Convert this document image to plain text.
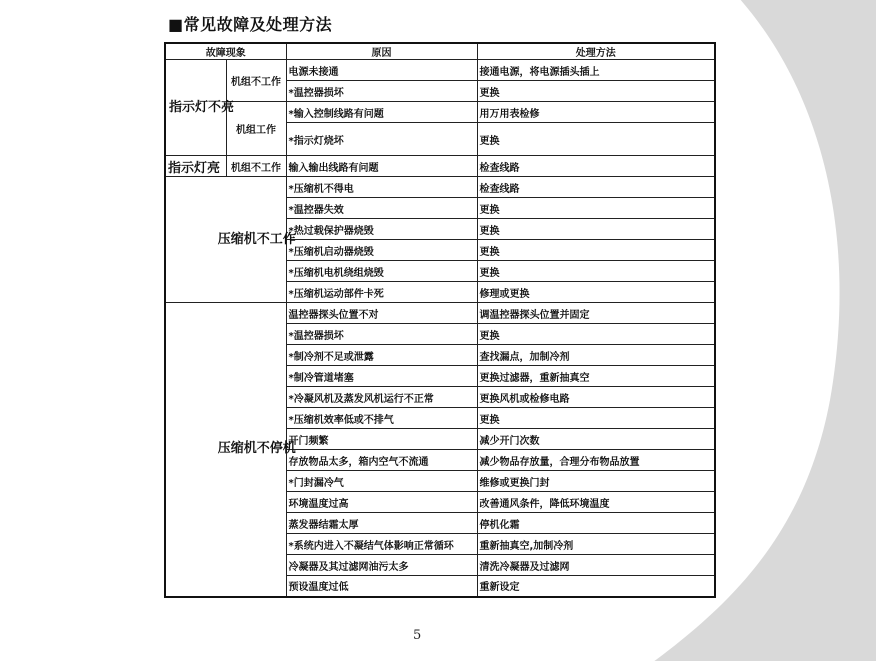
■常见故障及处理方法
故障现象		原因	处理方法

指示灯不亮	机组不工作	电源未接通	接通电源，将电源插头插上
		*温控器损坏	更换
	机组工作	*输入控制线路有问题	用万用表检修
		*指示灯烧坏	更换
指示灯亮	机组不工作	输入输出线路有问题	检查线路

压缩机不工作		*压缩机不得电	检查线路
		*温控器失效	更换
		*热过载保护器烧毁	更换
		*压缩机启动器烧毁	更换
		*压缩机电机绕组烧毁	更换
		*压缩机运动部件卡死	修理或更换

压缩机不停机		温控器探头位置不对	调温控器探头位置并固定
		*温控器损坏	更换
		*制冷剂不足或泄露	查找漏点，加制冷剂
		*制冷管道堵塞	更换过滤器，重新抽真空
		*冷凝风机及蒸发风机运行不正常	更换风机或检修电路
		*压缩机效率低或不排气	更换
		开门频繁	减少开门次数
		存放物品太多，箱内空气不流通	减少物品存放量，合理分布物品放置
		*门封漏冷气	维修或更换门封
		环境温度过高	改善通风条件，降低环境温度
		蒸发器结霜太厚	停机化霜
		*系统内进入不凝结气体影响正常循环	重新抽真空,加制冷剂
		冷凝器及其过滤网油污太多	清洗冷凝器及过滤网
		预设温度过低	重新设定
5
